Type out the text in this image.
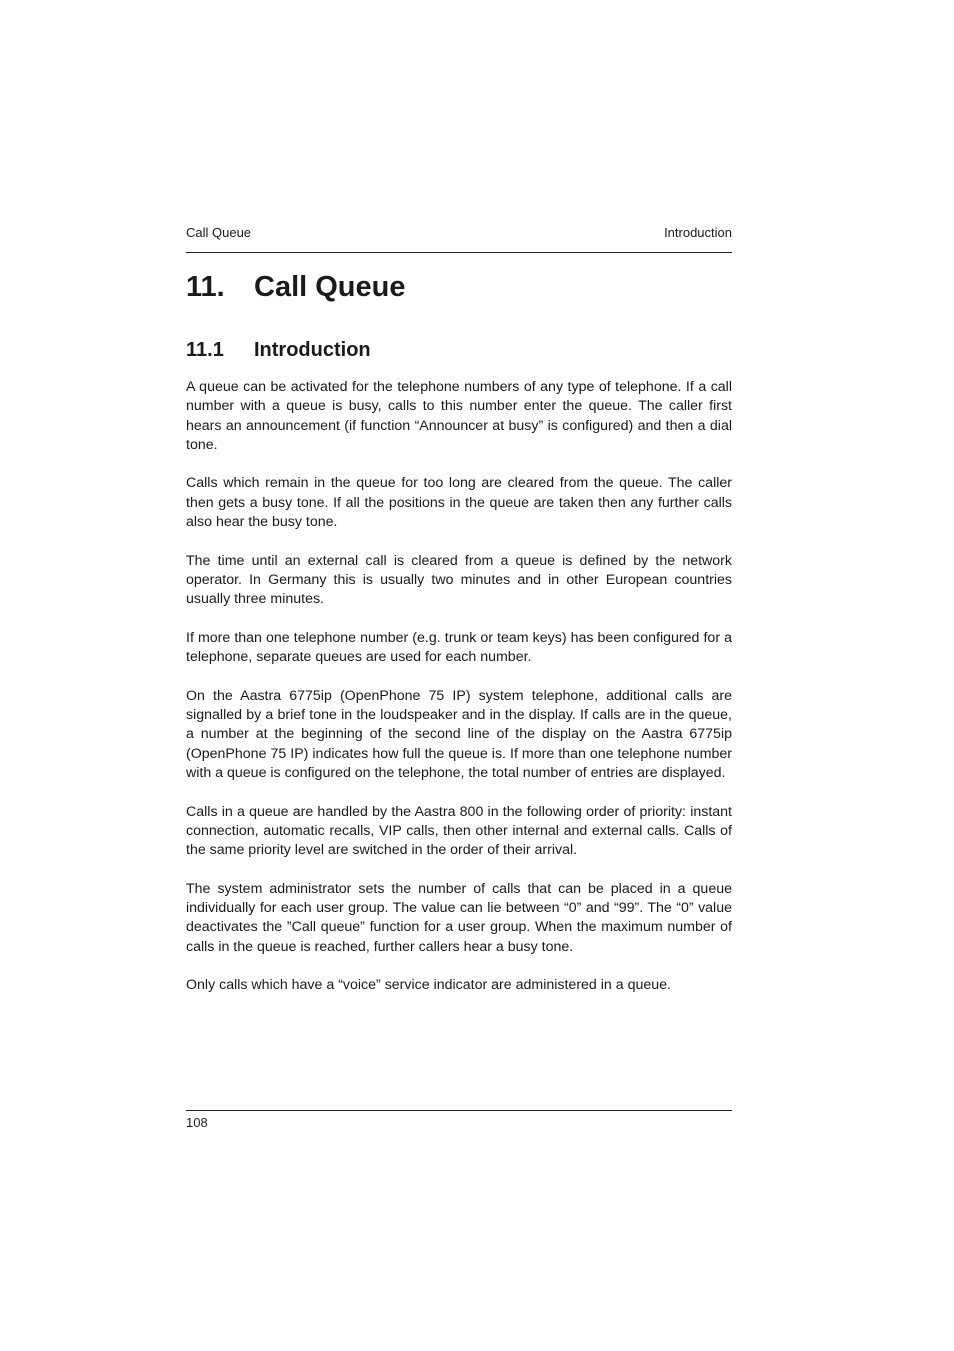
Call Queue	Introduction
11. Call Queue
11.1 Introduction

A queue can be activated for the telephone numbers of any type of telephone. If a call number with a queue is busy, calls to this number enter the queue. The caller first hears an announcement (if function “Announcer at busy” is configured) and then a dial tone.

Calls which remain in the queue for too long are cleared from the queue. The caller then gets a busy tone. If all the positions in the queue are taken then any further calls also hear the busy tone.

The time until an external call is cleared from a queue is defined by the network operator. In Germany this is usually two minutes and in other European countries usually three minutes.

If more than one telephone number (e.g. trunk or team keys) has been configured for a telephone, separate queues are used for each number.

On the Aastra 6775ip (OpenPhone 75 IP) system telephone, additional calls are signalled by a brief tone in the loudspeaker and in the display. If calls are in the queue, a number at the beginning of the second line of the display on the Aastra 6775ip (OpenPhone 75 IP) indicates how full the queue is. If more than one telephone number with a queue is configured on the telephone, the total number of entries are displayed.

Calls in a queue are handled by the Aastra 800 in the following order of priority: instant connection, automatic recalls, VIP calls, then other internal and external calls. Calls of the same priority level are switched in the order of their arrival.

The system administrator sets the number of calls that can be placed in a queue individually for each user group. The value can lie between “0” and “99”. The “0” value deactivates the ”Call queue” function for a user group. When the maximum number of calls in the queue is reached, further callers hear a busy tone.

Only calls which have a “voice” service indicator are administered in a queue.

108
